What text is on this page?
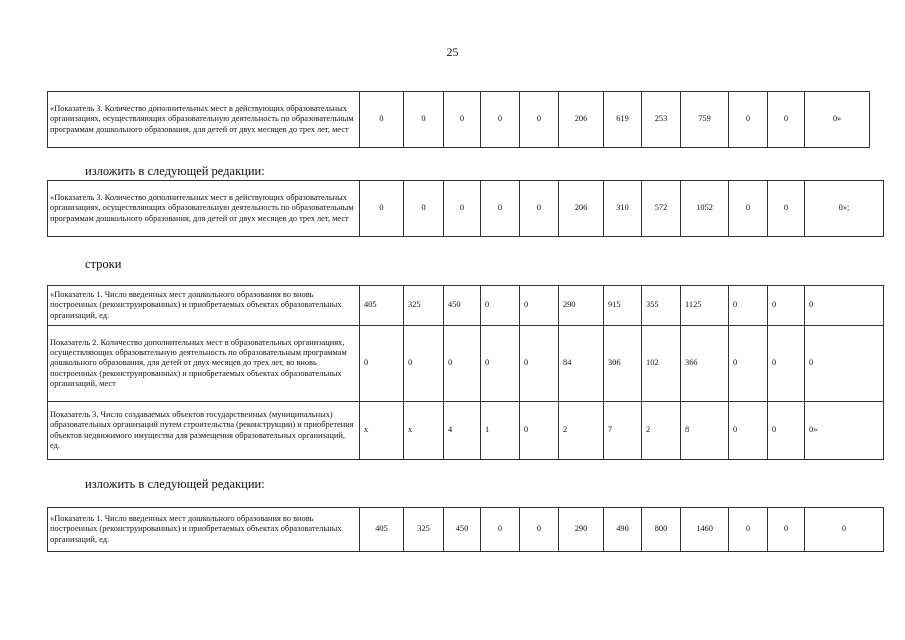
25
«Показатель 3. Количество дополнительных мест в действующих образовательных организациях, осуществляющих образовательную деятельность по образовательным программам дошкольного образования, для детей от двух месяцев до трех лет, мест	0	0	0	0	0	206	619	253	759	0	0	0»
изложить в следующей редакции:
«Показатель 3. Количество дополнительных мест в действующих образовательных организациях, осуществляющих образовательную деятельность по образовательным программам дошкольного образования, для детей от двух месяцев до трех лет, мест	0	0	0	0	0	206	310	572	1052	0	0	0»;
строки
«Показатель 1. Число введенных мест дошкольного образования во вновь построенных (реконструированных) и приобретаемых объектах образовательных организаций, ед.	405	325	450	0	0	290	915	355	1125	0	0	0
Показатель 2. Количество дополнительных мест в образовательных организациях, осуществляющих образовательную деятельность по образовательным программам дошкольного образования, для детей от двух месяцев до трех лет, во вновь построенных (реконструированных) и приобретаемых объектах образовательных организаций, мест	0	0	0	0	0	84	306	102	366	0	0	0
Показатель 3. Число создаваемых объектов государственных (муниципальных) образовательных организаций путем строительства (реконструкции) и приобретения объектов недвижимого имущества для размещения образовательных организаций, ед.	x	x	4	1	0	2	7	2	8	0	0	0»
изложить в следующей редакции:
«Показатель 1. Число введенных мест дошкольного образования во вновь построенных (реконструированных) и приобретаемых объектах образовательных организаций, ед.	405	325	450	0	0	290	490	800	1460	0	0	0
